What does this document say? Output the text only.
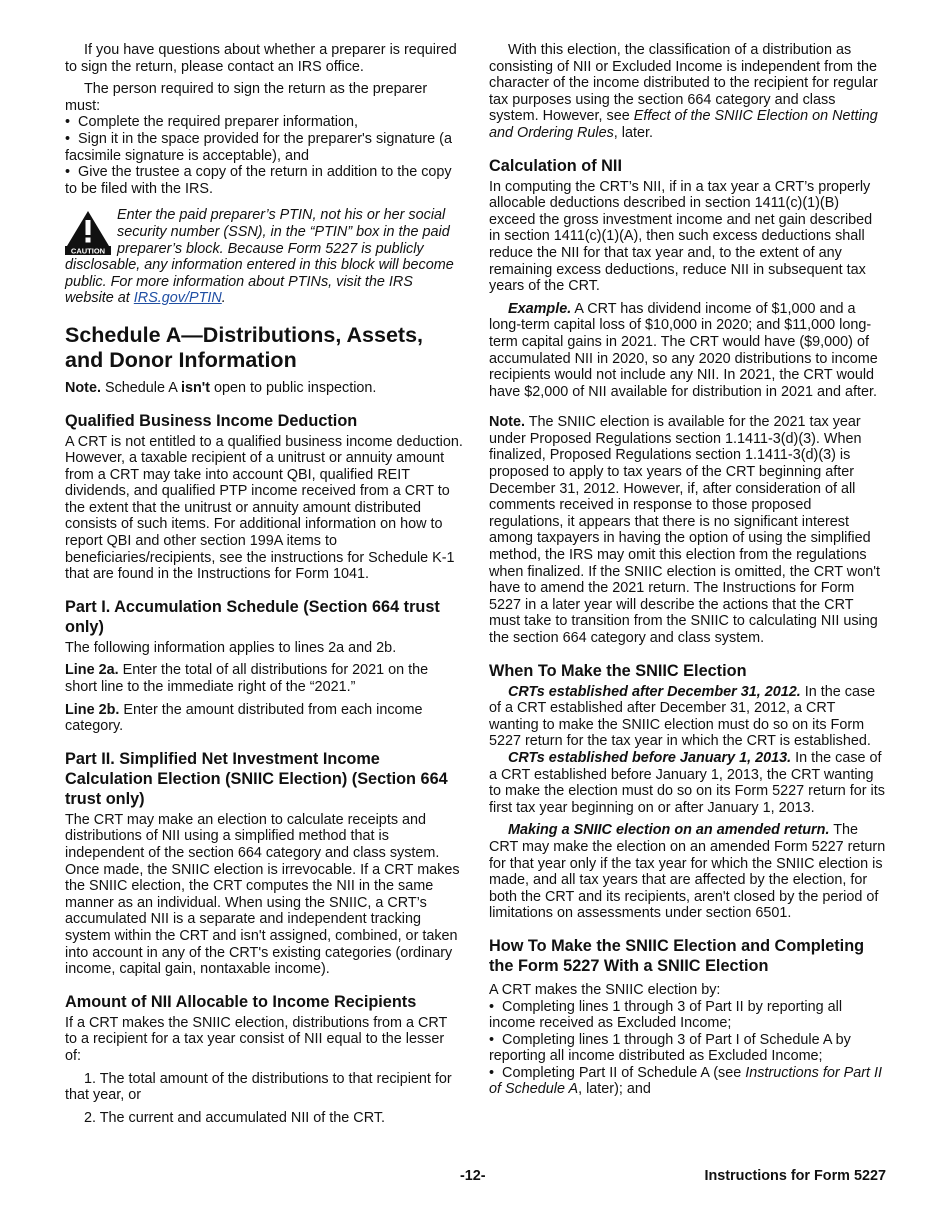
If you have questions about whether a preparer is required to sign the return, please contact an IRS office.

The person required to sign the return as the preparer must:

•  Complete the required preparer information,

•  Sign it in the space provided for the preparer's signature (a facsimile signature is acceptable), and

•  Give the trustee a copy of the return in addition to the copy to be filed with the IRS.

CAUTION
Enter the paid preparer’s PTIN, not his or her social security number (SSN), in the “PTIN” box in the paid preparer’s block. Because Form 5227 is publicly disclosable, any information entered in this block will become public. For more information about PTINs, visit the IRS website at IRS.gov/PTIN.
Schedule A—Distributions, Assets, and Donor Information

Note. Schedule A isn't open to public inspection.

Qualified Business Income Deduction

A CRT is not entitled to a qualified business income deduction. However, a taxable recipient of a unitrust or annuity amount from a CRT may take into account QBI, qualified REIT dividends, and qualified PTP income received from a CRT to the extent that the unitrust or annuity amount distributed consists of such items. For additional information on how to report QBI and other section 199A items to beneficiaries/recipients, see the instructions for Schedule K-1 that are found in the Instructions for Form 1041.

Part I. Accumulation Schedule (Section 664 trust only)

The following information applies to lines 2a and 2b.

Line 2a. Enter the total of all distributions for 2021 on the short line to the immediate right of the “2021.”

Line 2b. Enter the amount distributed from each income category.

Part II. Simplified Net Investment Income Calculation Election (SNIIC Election) (Section 664 trust only)

The CRT may make an election to calculate receipts and distributions of NII using a simplified method that is independent of the section 664 category and class system. Once made, the SNIIC election is irrevocable. If a CRT makes the SNIIC election, the CRT computes the NII in the same manner as an individual. When using the SNIIC, a CRT’s accumulated NII is a separate and independent tracking system within the CRT and isn't assigned, combined, or taken into account in any of the CRT's existing categories (ordinary income, capital gain, nontaxable income).

Amount of NII Allocable to Income Recipients

If a CRT makes the SNIIC election, distributions from a CRT to a recipient for a tax year consist of NII equal to the lesser of:

1. The total amount of the distributions to that recipient for that year, or

2. The current and accumulated NII of the CRT.

With this election, the classification of a distribution as consisting of NII or Excluded Income is independent from the character of the income distributed to the recipient for regular tax purposes using the section 664 category and class system. However, see Effect of the SNIIC Election on Netting and Ordering Rules, later.

Calculation of NII

In computing the CRT’s NII, if in a tax year a CRT’s properly allocable deductions described in section 1411(c)(1)(B) exceed the gross investment income and net gain described in section 1411(c)(1)(A), then such excess deductions shall reduce the NII for that tax year and, to the extent of any remaining excess deductions, reduce NII in subsequent tax years of the CRT.

Example. A CRT has dividend income of $1,000 and a long-term capital loss of $10,000 in 2020; and $11,000 long-term capital gains in 2021. The CRT would have ($9,000) of accumulated NII in 2020, so any 2020 distributions to income recipients would not include any NII. In 2021, the CRT would have $2,000 of NII available for distribution in 2021 and after.

Note. The SNIIC election is available for the 2021 tax year under Proposed Regulations section 1.1411-3(d)(3). When finalized, Proposed Regulations section 1.1411-3(d)(3) is proposed to apply to tax years of the CRT beginning after December 31, 2012. However, if, after consideration of all comments received in response to those proposed regulations, it appears that there is no significant interest among taxpayers in having the option of using the simplified method, the IRS may omit this election from the regulations when finalized. If the SNIIC election is omitted, the CRT won't have to amend the 2021 return. The Instructions for Form 5227 in a later year will describe the actions that the CRT must take to transition from the SNIIC to calculating NII using the section 664 category and class system.

When To Make the SNIIC Election

CRTs established after December 31, 2012. In the case of a CRT established after December 31, 2012, a CRT wanting to make the SNIIC election must do so on its Form 5227 return for the tax year in which the CRT is established.

CRTs established before January 1, 2013. In the case of a CRT established before January 1, 2013, the CRT wanting to make the election must do so on its Form 5227 return for its first tax year beginning on or after January 1, 2013.

Making a SNIIC election on an amended return. The CRT may make the election on an amended Form 5227 return for that year only if the tax year for which the SNIIC election is made, and all tax years that are affected by the election, for both the CRT and its recipients, aren't closed by the period of limitations on assessments under section 6501.

How To Make the SNIIC Election and Completing the Form 5227 With a SNIIC Election

A CRT makes the SNIIC election by:

•  Completing lines 1 through 3 of Part II by reporting all income received as Excluded Income;

•  Completing lines 1 through 3 of Part I of Schedule A by reporting all income distributed as Excluded Income;

•  Completing Part II of Schedule A (see Instructions for Part II of Schedule A, later); and

-12-	Instructions for Form 5227
